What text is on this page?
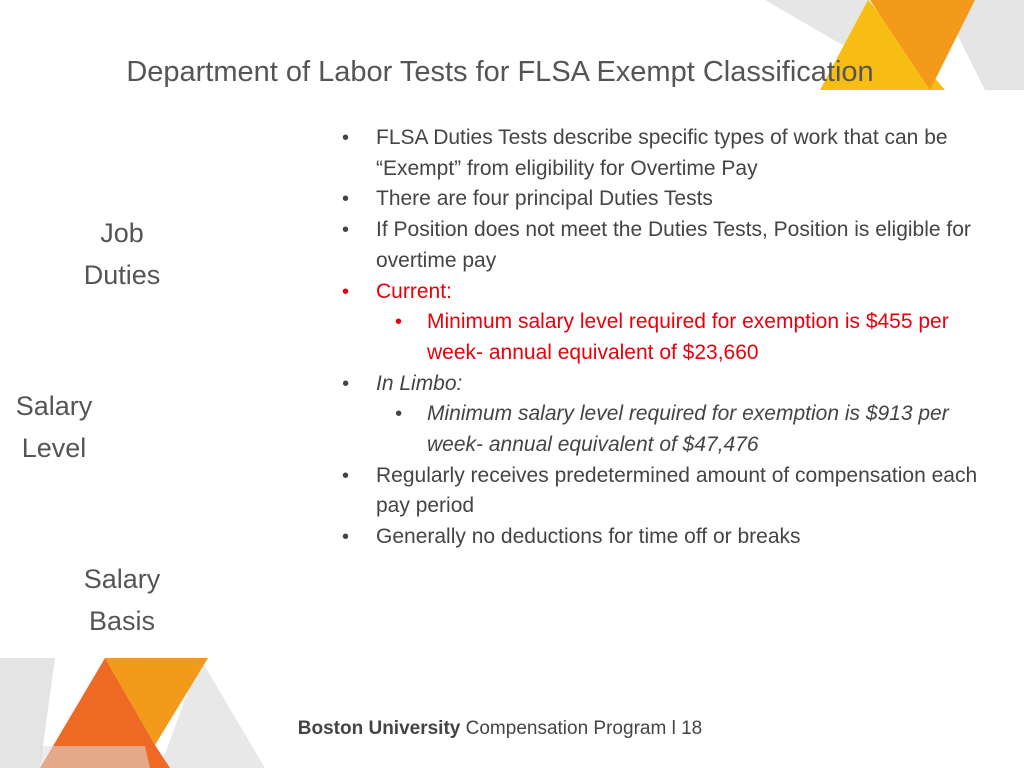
Department of Labor Tests for FLSA Exempt Classification
Job
Duties
Salary
Level
Salary
Basis
• FLSA Duties Tests describe specific types of work that can be “Exempt” from eligibility for Overtime Pay
• There are four principal Duties Tests
• If Position does not meet the Duties Tests, Position is eligible for overtime pay
• Current:
• Minimum salary level required for exemption is $455 per week- annual equivalent of $23,660
• In Limbo:
• Minimum salary level required for exemption is $913 per week- annual equivalent of $47,476
• Regularly receives predetermined amount of compensation each pay period
• Generally no deductions for time off or breaks
Boston University Compensation Program l 18
